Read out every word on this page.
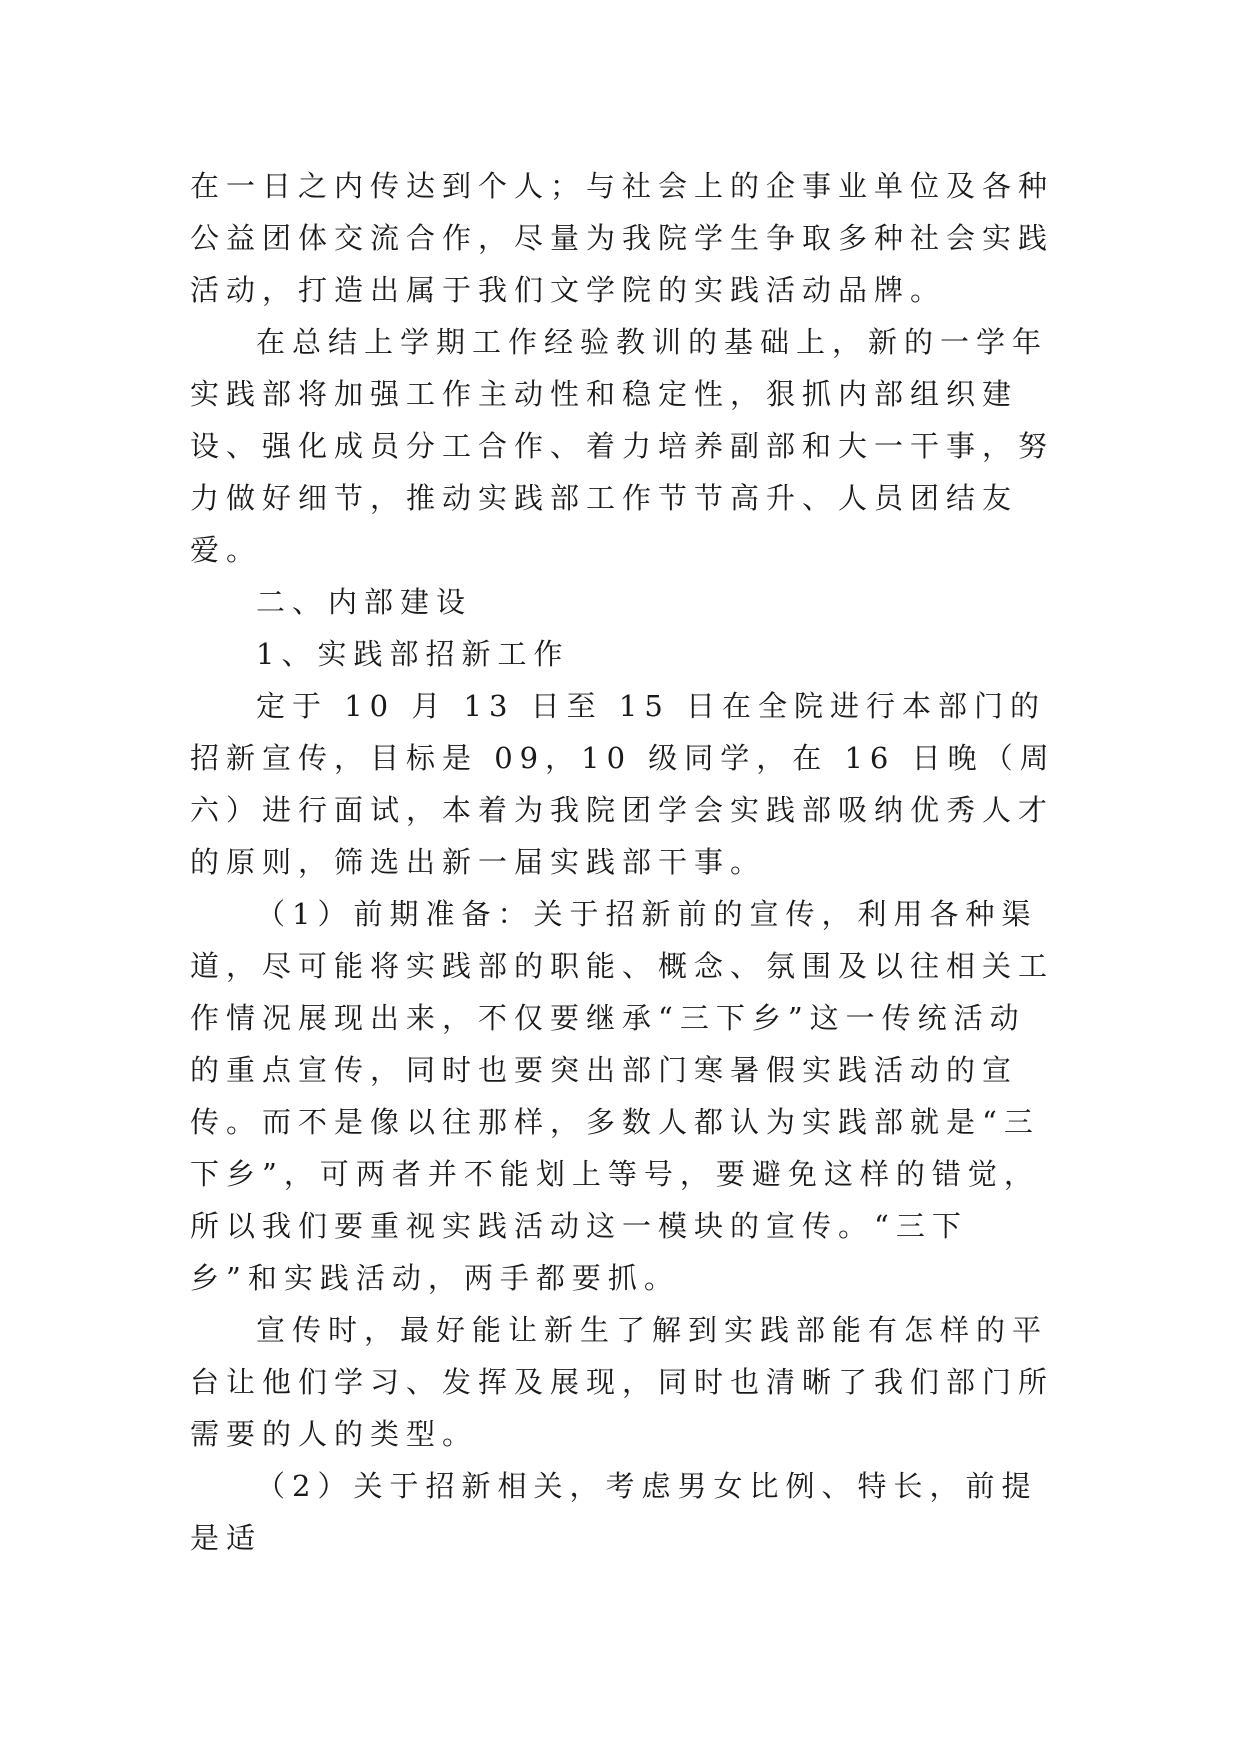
在一日之内传达到个人；与社会上的企事业单位及各种公益团体交流合作，尽量为我院学生争取多种社会实践活动，打造出属于我们文学院的实践活动品牌。

在总结上学期工作经验教训的基础上，新的一学年实践部将加强工作主动性和稳定性，狠抓内部组织建设、强化成员分工合作、着力培养副部和大一干事，努力做好细节，推动实践部工作节节高升、人员团结友爱。

二、内部建设

1、实践部招新工作

定于 10 月 13 日至 15 日在全院进行本部门的招新宣传，目标是 09，10 级同学，在 16 日晚（周六）进行面试，本着为我院团学会实践部吸纳优秀人才的原则，筛选出新一届实践部干事。

（1）前期准备：关于招新前的宣传，利用各种渠道，尽可能将实践部的职能、概念、氛围及以往相关工作情况展现出来，不仅要继承“三下乡”这一传统活动的重点宣传，同时也要突出部门寒暑假实践活动的宣传。而不是像以往那样，多数人都认为实践部就是“三下乡”，可两者并不能划上等号，要避免这样的错觉，所以我们要重视实践活动这一模块的宣传。“三下乡”和实践活动，两手都要抓。

宣传时，最好能让新生了解到实践部能有怎样的平台让他们学习、发挥及展现，同时也清晰了我们部门所需要的人的类型。

（2）关于招新相关，考虑男女比例、特长，前提是适
